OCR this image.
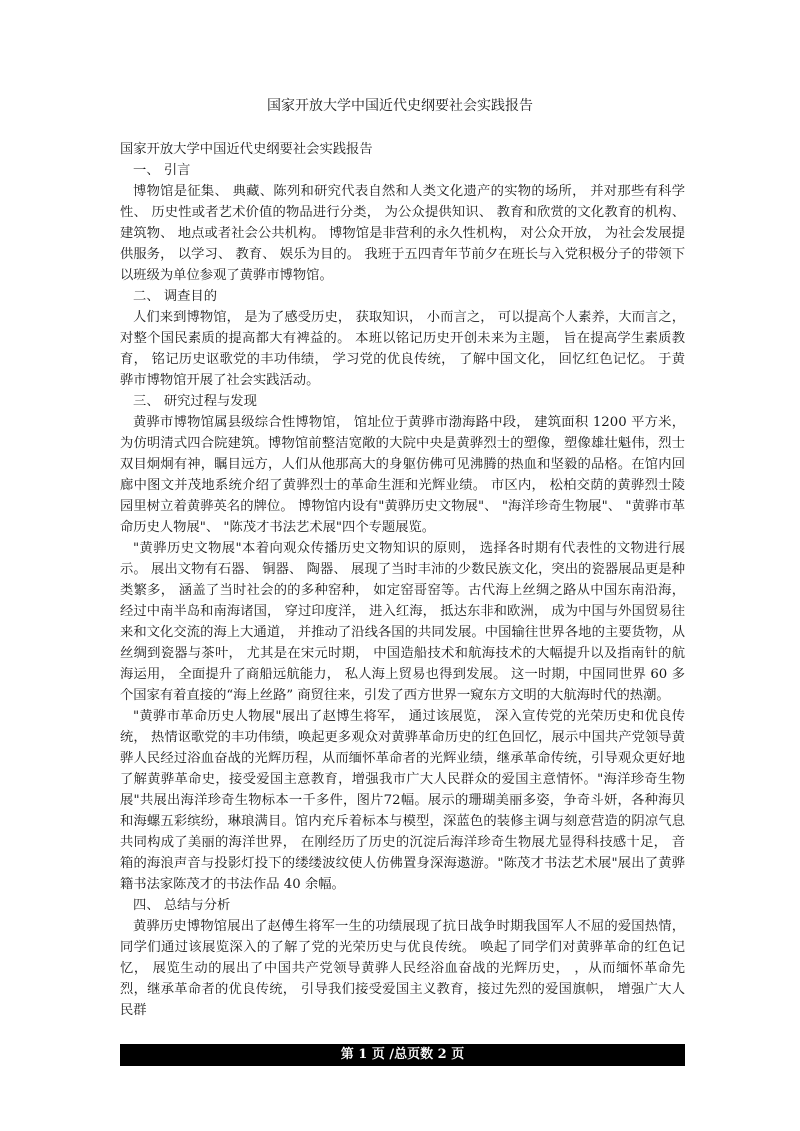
国家开放大学中国近代史纲要社会实践报告

国家开放大学中国近代史纲要社会实践报告

一、 引言

博物馆是征集、 典藏、陈列和研究代表自然和人类文化遗产的实物的场所， 并对那些有科学性、 历史性或者艺术价值的物品进行分类， 为公众提供知识、 教育和欣赏的文化教育的机构、建筑物、 地点或者社会公共机构。 博物馆是非营利的永久性机构， 对公众开放， 为社会发展提供服务， 以学习、 教育、 娱乐为目的。 我班于五四青年节前夕在班长与入党积极分子的带领下以班级为单位参观了黄骅市博物馆。

二、 调查目的

人们来到博物馆， 是为了感受历史， 获取知识， 小而言之， 可以提高个人素养，大而言之，对整个国民素质的提高都大有裨益的。 本班以铭记历史开创未来为主题， 旨在提高学生素质教育， 铭记历史讴歌党的丰功伟绩， 学习党的优良传统， 了解中国文化， 回忆红色记忆。 于黄骅市博物馆开展了社会实践活动。

三、 研究过程与发现

黄骅市博物馆属县级综合性博物馆， 馆址位于黄骅市渤海路中段， 建筑面积 1200 平方米，为仿明清式四合院建筑。博物馆前整洁宽敞的大院中央是黄骅烈士的塑像，塑像雄壮魁伟，烈士双目炯炯有神，瞩目远方，人们从他那高大的身躯仿佛可见沸腾的热血和坚毅的品格。在馆内回廊中图文并茂地系统介绍了黄骅烈士的革命生涯和光辉业绩。 市区内， 松柏交荫的黄骅烈士陵园里树立着黄骅英名的牌位。 博物馆内设有"黄骅历史文物展"、 "海洋珍奇生物展"、 "黄骅市革命历史人物展"、 "陈茂才书法艺术展"四个专题展览。

"黄骅历史文物展"本着向观众传播历史文物知识的原则， 选择各时期有代表性的文物进行展示。 展出文物有石器、 铜器、 陶器、 展现了当时丰沛的少数民族文化，突出的瓷器展品更是种类繁多， 涵盖了当时社会的的多种窑种， 如定窑哥窑等。古代海上丝绸之路从中国东南沿海，经过中南半岛和南海诸国， 穿过印度洋， 进入红海， 抵达东非和欧洲， 成为中国与外国贸易往来和文化交流的海上大通道， 并推动了沿线各国的共同发展。中国输往世界各地的主要货物，从丝绸到瓷器与茶叶， 尤其是在宋元时期， 中国造船技术和航海技术的大幅提升以及指南针的航海运用， 全面提升了商船远航能力， 私人海上贸易也得到发展。 这一时期，中国同世界 60 多个国家有着直接的“海上丝路” 商贸往来，引发了西方世界一窥东方文明的大航海时代的热潮。

"黄骅市革命历史人物展"展出了赵博生将军， 通过该展览， 深入宣传党的光荣历史和优良传统， 热情讴歌党的丰功伟绩，唤起更多观众对黄骅革命历史的红色回忆，展示中国共产党领导黄骅人民经过浴血奋战的光辉历程，从而缅怀革命者的光辉业绩，继承革命传统，引导观众更好地了解黄骅革命史，接受爱国主意教育，增强我市广大人民群众的爱国主意情怀。"海洋珍奇生物展"共展出海洋珍奇生物标本一千多件，图片72幅。展示的珊瑚美丽多姿，争奇斗妍，各种海贝和海螺五彩缤纷，琳琅满目。馆内充斥着标本与模型，深蓝色的装修主调与刻意营造的阴凉气息共同构成了美丽的海洋世界， 在刚经历了历史的沉淀后海洋珍奇生物展尤显得科技感十足， 音箱的海浪声音与投影灯投下的缕缕波纹使人仿佛置身深海遨游。"陈茂才书法艺术展"展出了黄骅籍书法家陈茂才的书法作品 40 余幅。

四、 总结与分析

黄骅历史博物馆展出了赵傅生将军一生的功绩展现了抗日战争时期我国军人不屈的爱国热情，同学们通过该展览深入的了解了党的光荣历史与优良传统。 唤起了同学们对黄骅革命的红色记忆， 展览生动的展出了中国共产党领导黄骅人民经浴血奋战的光辉历史， ，从而缅怀革命先烈，继承革命者的优良传统， 引导我们接受爱国主义教育，接过先烈的爱国旗帜， 增强广大人民群

第 1 页 /总页数 2 页
